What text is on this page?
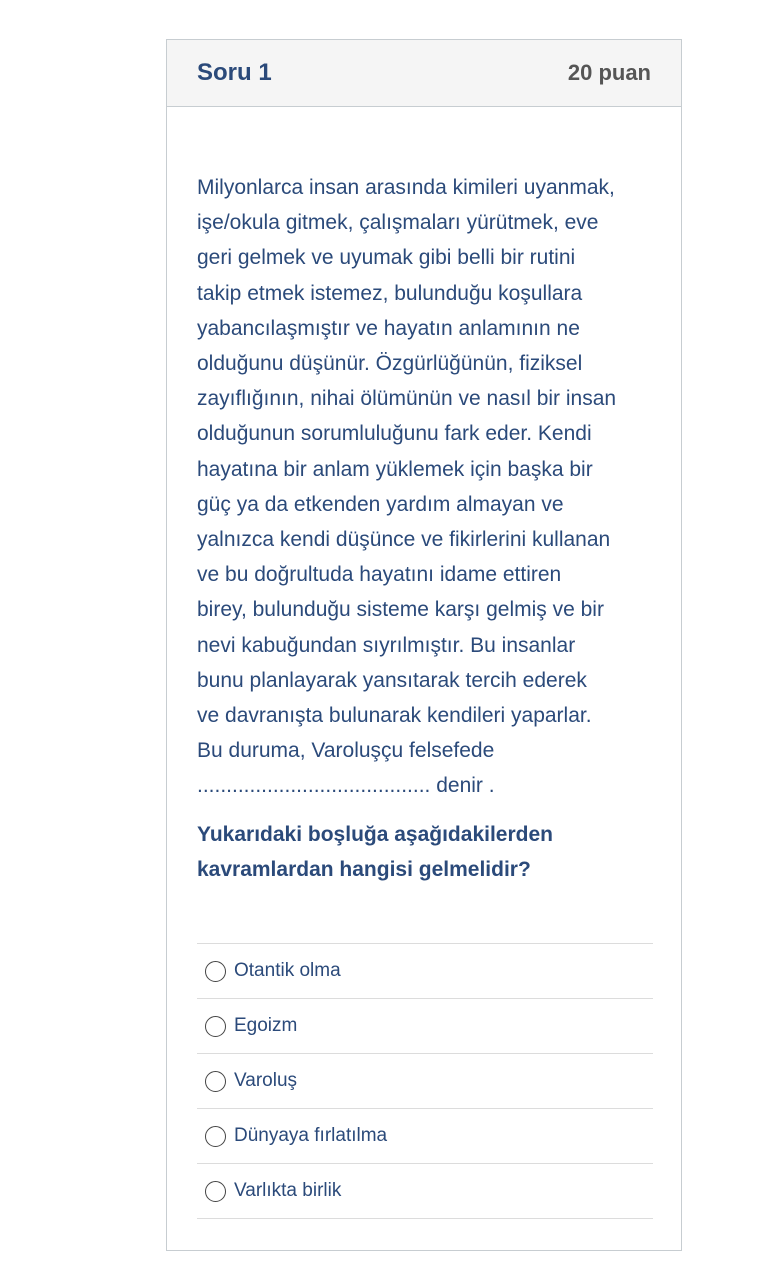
Soru 1	20 puan

Milyonlarca insan arasında kimileri uyanmak,
işe/okula gitmek, çalışmaları yürütmek, eve
geri gelmek ve uyumak gibi belli bir rutini
takip etmek istemez, bulunduğu koşullara
yabancılaşmıştır ve hayatın anlamının ne
olduğunu düşünür. Özgürlüğünün, fiziksel
zayıflığının, nihai ölümünün ve nasıl bir insan
olduğunun sorumluluğunu fark eder. Kendi
hayatına bir anlam yüklemek için başka bir
güç ya da etkenden yardım almayan ve
yalnızca kendi düşünce ve fikirlerini kullanan
ve bu doğrultuda hayatını idame ettiren
birey, bulunduğu sisteme karşı gelmiş ve bir
nevi kabuğundan sıyrılmıştır. Bu insanlar
bunu planlayarak yansıtarak tercih ederek
ve davranışta bulunarak kendileri yaparlar.
Bu duruma, Varoluşçu felsefede
........................................ denir .

Yukarıdaki boşluğa aşağıdakilerden kavramlardan hangisi gelmelidir?

Otantik olma
Egoizm
Varoluş
Dünyaya fırlatılma
Varlıkta birlik
